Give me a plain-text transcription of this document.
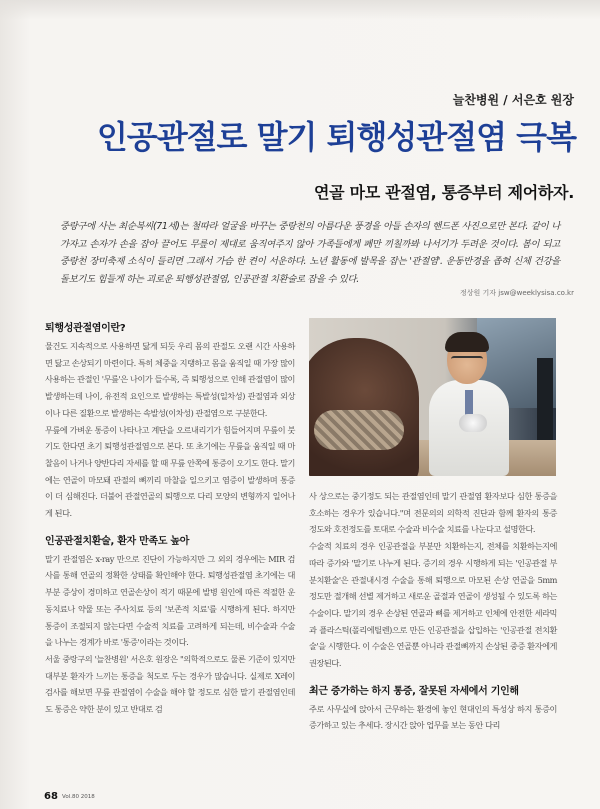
늘찬병원 / 서은호 원장
인공관절로 말기 퇴행성관절염 극복
연골 마모 관절염, 통증부터 제어하자.

중랑구에 사는 최순복씨(71세)는 철따라 얼굴을 바꾸는 중랑천의 아름다운 풍경을 아들 손자의 핸드폰 사진으로만 본다. 같이 나가자고 손자가 손을 잡아 끌어도 무릎이 제대로 움직여주지 않아 가족들에게 폐만 끼칠까봐 나서기가 두려운 것이다. 봄이 되고 중랑천 장미축제 소식이 들리면 그래서 가슴 한 켠이 서운하다. 노년 활동에 발목을 잡는 '관절염'. 운동반경을 좁혀 신체 건강을 돌보기도 힘들게 하는 괴로운 퇴행성관절염, 인공관절 치환술로 잡을 수 있다.

정상원 기자 jsw@weeklysisa.co.kr
퇴행성관절염이란?

물건도 지속적으로 사용하면 닳게 되듯 우리 몸의 관절도 오랜 시간 사용하면 닳고 손상되기 마련이다. 특히 체중을 지탱하고 몸을 움직일 때 가장 많이 사용하는 관절인 '무릎'은 나이가 들수록, 즉 퇴행성으로 인해 관절염이 많이 발생하는데 나이, 유전적 요인으로 발생하는 특발성(일차성) 관절염과 외상이나 다른 질환으로 발생하는 속발성(이차성) 관절염으로 구분한다.

무릎에 가벼운 통증이 나타나고 계단을 오르내리기가 힘들어지며 무릎이 붓기도 한다면 초기 퇴행성관절염으로 본다. 또 초기에는 무릎을 움직일 때 마찰음이 나거나 양반다리 자세를 할 때 무릎 안쪽에 통증이 오기도 한다. 말기에는 연골이 마모돼 관절의 뼈끼리 마찰을 일으키고 염증이 발생하며 통증이 더 심해진다. 더불어 관절연골의 퇴행으로 다리 모양의 변형까지 일어나게 된다.

인공관절치환술, 환자 만족도 높아

말기 관절염은 x-ray 만으로 진단이 가능하지만 그 외의 경우에는 MIR 검사를 통해 연골의 정확한 상태를 확인해야 한다. 퇴행성관절염 초기에는 대부분 증상이 경미하고 연골손상이 적기 때문에 발병 원인에 따른 적절한 운동치료나 약물 또는 주사치료 등의 '보존적 치료'를 시행하게 된다. 하지만 통증이 조절되지 않는다면 수술적 치료를 고려하게 되는데, 비수술과 수술을 나누는 경계가 바로 '통증'이라는 것이다.

서울 중랑구의 '늘찬병원' 서은호 원장은 "의학적으로도 물론 기준이 있지만 대부분 환자가 느끼는 통증을 척도로 두는 경우가 많습니다. 실제로 X레이 검사를 해보면 무릎 관절염이 수술을 해야 할 정도로 심한 말기 관절염인데도 통증은 약한 분이 있고 반대로 검

사 상으로는 중기정도 되는 관절염인데 말기 관절염 환자보다 심한 통증을 호소하는 경우가 있습니다."며 전문의의 의학적 진단과 함께 환자의 통증 정도와 호전정도를 토대로 수술과 비수술 치료를 나눈다고 설명한다.

수술적 치료의 경우 인공관절을 부분만 치환하는지, 전체를 치환하는지에 따라 증가와 '말기로 나누게 된다. 증기의 경우 시행하게 되는 '인공관절 부분치환술'은 관절내시경 수술을 통해 퇴행으로 마모된 손상 연골을 5mm 정도만 절개해 선별 제거하고 새로운 골절과 연골이 생성될 수 있도록 하는 수술이다. 말기의 경우 손상된 연골과 뼈를 제거하고 인체에 안전한 세라믹과 플라스틱(폴리에틸렌)으로 만든 인공관절을 삽입하는 '인공관절 전치환술'을 시행한다. 이 수술은 연골뿐 아니라 관절뼈까지 손상된 중증 환자에게 권장된다.

최근 증가하는 하지 통증, 잘못된 자세에서 기인해

주로 사무실에 앉아서 근무하는 환경에 놓인 현대인의 특성상 하지 통증이 증가하고 있는 추세다. 장시간 앉아 업무를 보는 동안 다리

68 Vol.80 2018
